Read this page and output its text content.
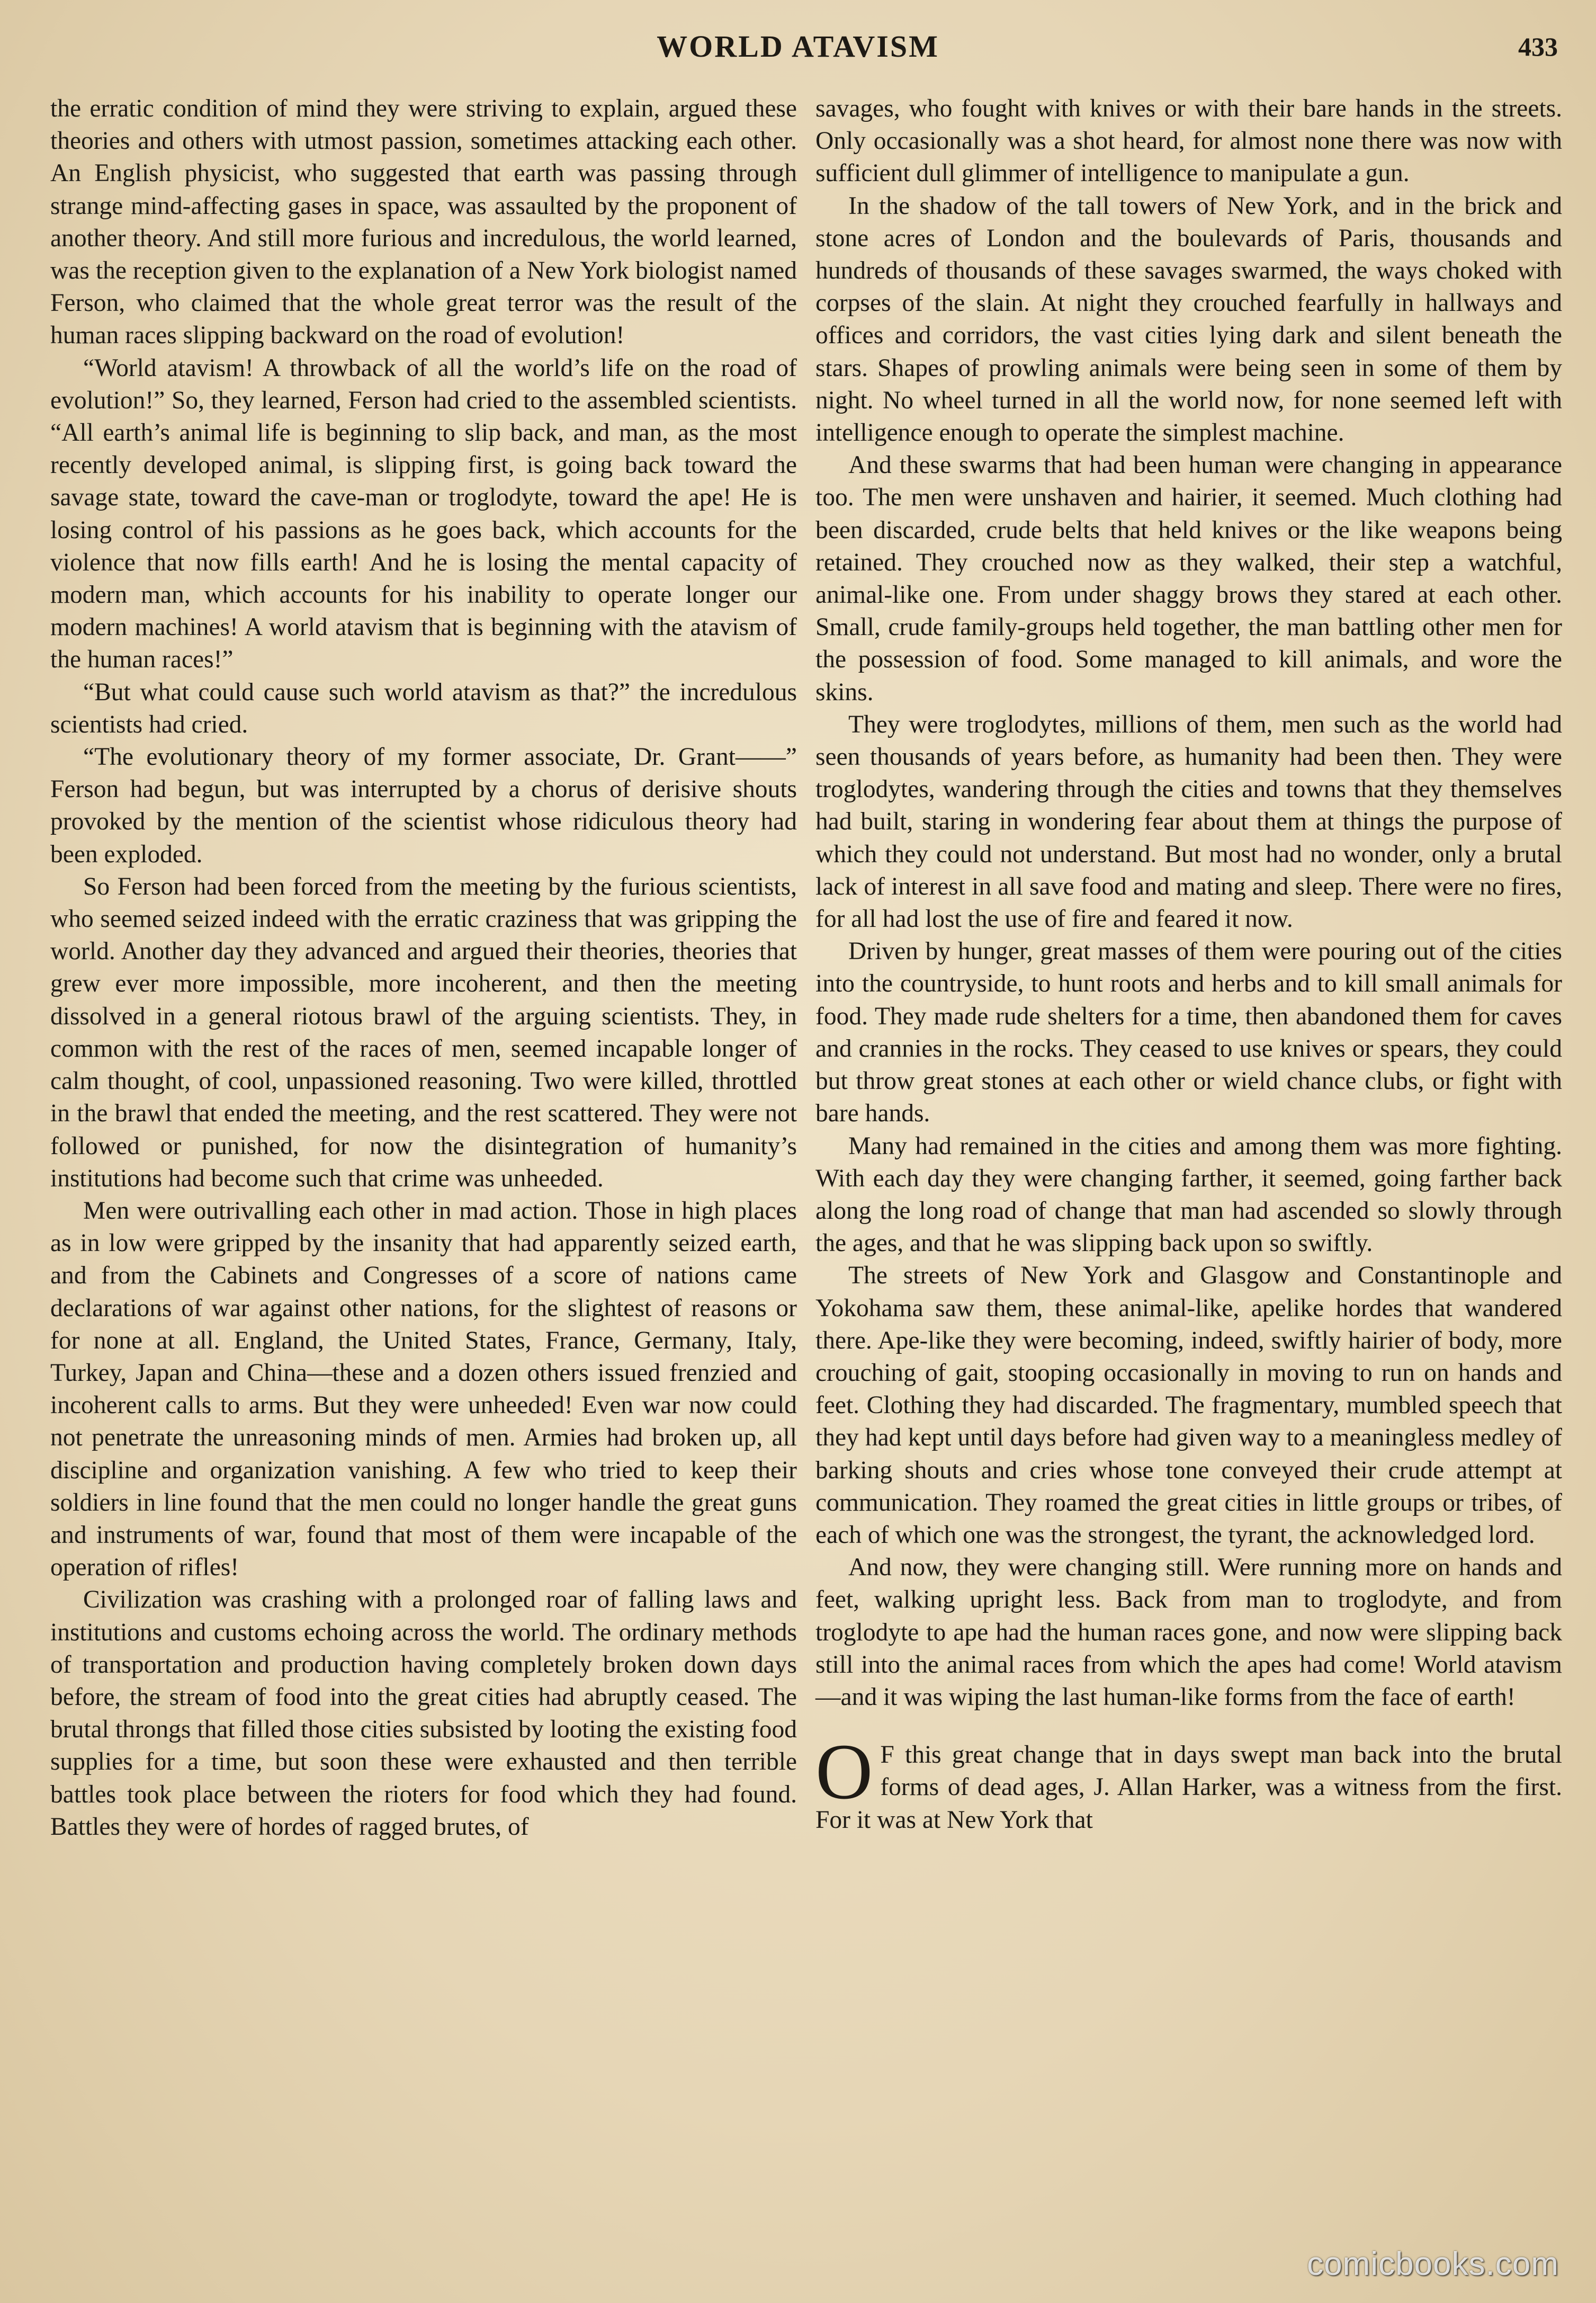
WORLD ATAVISM	433

the erratic condition of mind they were striving to explain, argued these theories and others with utmost passion, sometimes attacking each other. An English physicist, who suggested that earth was passing through strange mind-affecting gases in space, was assaulted by the proponent of another theory. And still more furious and incredulous, the world learned, was the reception given to the explanation of a New York biologist named Ferson, who claimed that the whole great terror was the result of the human races slipping backward on the road of evolution!

“World atavism! A throwback of all the world’s life on the road of evolution!” So, they learned, Ferson had cried to the assembled scientists. “All earth’s animal life is beginning to slip back, and man, as the most recently developed animal, is slipping first, is going back toward the savage state, toward the cave-man or troglodyte, toward the ape! He is losing control of his passions as he goes back, which accounts for the violence that now fills earth! And he is losing the mental capacity of modern man, which accounts for his inability to operate longer our modern machines! A world atavism that is beginning with the atavism of the human races!”

“But what could cause such world atavism as that?” the incredulous scientists had cried.

“The evolutionary theory of my former associate, Dr. Grant——” Ferson had begun, but was interrupted by a chorus of derisive shouts provoked by the mention of the scientist whose ridiculous theory had been exploded.

So Ferson had been forced from the meeting by the furious scientists, who seemed seized indeed with the erratic craziness that was gripping the world. Another day they advanced and argued their theories, theories that grew ever more impossible, more incoherent, and then the meeting dissolved in a general riotous brawl of the arguing scientists. They, in common with the rest of the races of men, seemed incapable longer of calm thought, of cool, unpassioned reasoning. Two were killed, throttled in the brawl that ended the meeting, and the rest scattered. They were not followed or punished, for now the disintegration of humanity’s institutions had become such that crime was unheeded.

Men were outrivalling each other in mad action. Those in high places as in low were gripped by the insanity that had apparently seized earth, and from the Cabinets and Congresses of a score of nations came declarations of war against other nations, for the slightest of reasons or for none at all. England, the United States, France, Germany, Italy, Turkey, Japan and China—these and a dozen others issued frenzied and incoherent calls to arms. But they were unheeded! Even war now could not penetrate the unreasoning minds of men. Armies had broken up, all discipline and organization vanishing. A few who tried to keep their soldiers in line found that the men could no longer handle the great guns and instruments of war, found that most of them were incapable of the operation of rifles!

Civilization was crashing with a prolonged roar of falling laws and institutions and customs echoing across the world. The ordinary methods of transportation and production having completely broken down days before, the stream of food into the great cities had abruptly ceased. The brutal throngs that filled those cities subsisted by looting the existing food supplies for a time, but soon these were exhausted and then terrible battles took place between the rioters for food which they had found. Battles they were of hordes of ragged brutes, of

savages, who fought with knives or with their bare hands in the streets. Only occasionally was a shot heard, for almost none there was now with sufficient dull glimmer of intelligence to manipulate a gun.

In the shadow of the tall towers of New York, and in the brick and stone acres of London and the boulevards of Paris, thousands and hundreds of thousands of these savages swarmed, the ways choked with corpses of the slain. At night they crouched fearfully in hallways and offices and corridors, the vast cities lying dark and silent beneath the stars. Shapes of prowling animals were being seen in some of them by night. No wheel turned in all the world now, for none seemed left with intelligence enough to operate the simplest machine.

And these swarms that had been human were changing in appearance too. The men were unshaven and hairier, it seemed. Much clothing had been discarded, crude belts that held knives or the like weapons being retained. They crouched now as they walked, their step a watchful, animal-like one. From under shaggy brows they stared at each other. Small, crude family-groups held together, the man battling other men for the possession of food. Some managed to kill animals, and wore the skins.

They were troglodytes, millions of them, men such as the world had seen thousands of years before, as humanity had been then. They were troglodytes, wandering through the cities and towns that they themselves had built, staring in wondering fear about them at things the purpose of which they could not understand. But most had no wonder, only a brutal lack of interest in all save food and mating and sleep. There were no fires, for all had lost the use of fire and feared it now.

Driven by hunger, great masses of them were pouring out of the cities into the countryside, to hunt roots and herbs and to kill small animals for food. They made rude shelters for a time, then abandoned them for caves and crannies in the rocks. They ceased to use knives or spears, they could but throw great stones at each other or wield chance clubs, or fight with bare hands.

Many had remained in the cities and among them was more fighting. With each day they were changing farther, it seemed, going farther back along the long road of change that man had ascended so slowly through the ages, and that he was slipping back upon so swiftly.

The streets of New York and Glasgow and Constantinople and Yokohama saw them, these animal-like, apelike hordes that wandered there. Ape-like they were becoming, indeed, swiftly hairier of body, more crouching of gait, stooping occasionally in moving to run on hands and feet. Clothing they had discarded. The fragmentary, mumbled speech that they had kept until days before had given way to a meaningless medley of barking shouts and cries whose tone conveyed their crude attempt at communication. They roamed the great cities in little groups or tribes, of each of which one was the strongest, the tyrant, the acknowledged lord.

And now, they were changing still. Were running more on hands and feet, walking upright less. Back from man to troglodyte, and from troglodyte to ape had the human races gone, and now were slipping back still into the animal races from which the apes had come! World atavism—and it was wiping the last human-like forms from the face of earth!

O F this great change that in days swept man back into the brutal forms of dead ages, J. Allan Harker, was a witness from the first. For it was at New York that

comicbooks.com
